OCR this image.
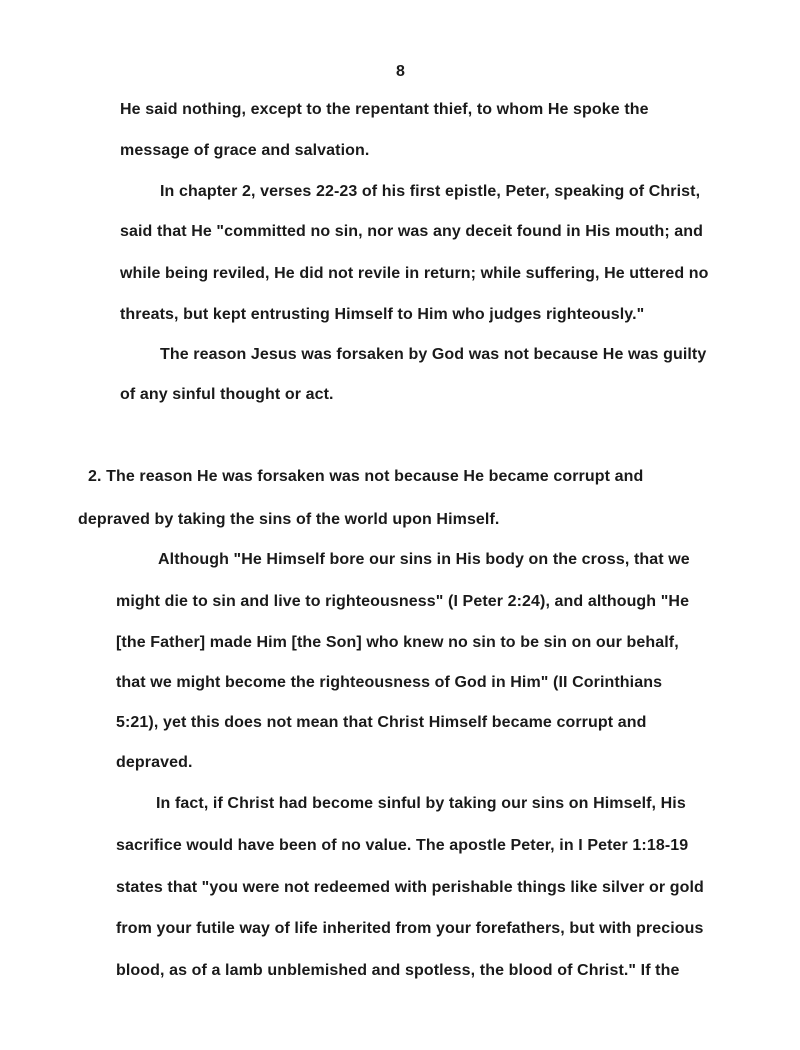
8
He said nothing, except to the repentant thief, to whom He spoke the
message of grace and salvation.
In chapter 2, verses 22-23 of his first epistle, Peter, speaking of Christ,
said that He "committed no sin, nor was any deceit found in His mouth; and
while being reviled, He did not revile in return; while suffering, He uttered no
threats, but kept entrusting Himself to Him who judges righteously."
The reason Jesus was forsaken by God was not because He was guilty
of any sinful thought or act.
2. The reason He was forsaken was not because He became corrupt and
depraved by taking the sins of the world upon Himself.
Although "He Himself bore our sins in His body on the cross, that we
might die to sin and live to righteousness" (I Peter 2:24), and although "He
[the Father] made Him [the Son] who knew no sin to be sin on our behalf,
that we might become the righteousness of God in Him" (II Corinthians
5:21), yet this does not mean that Christ Himself became corrupt and
depraved.
In fact, if Christ had become sinful by taking our sins on Himself, His
sacrifice would have been of no value. The apostle Peter, in I Peter 1:18-19
states that "you were not redeemed with perishable things like silver or gold
from your futile way of life inherited from your forefathers, but with precious
blood, as of a lamb unblemished and spotless, the blood of Christ." If the
